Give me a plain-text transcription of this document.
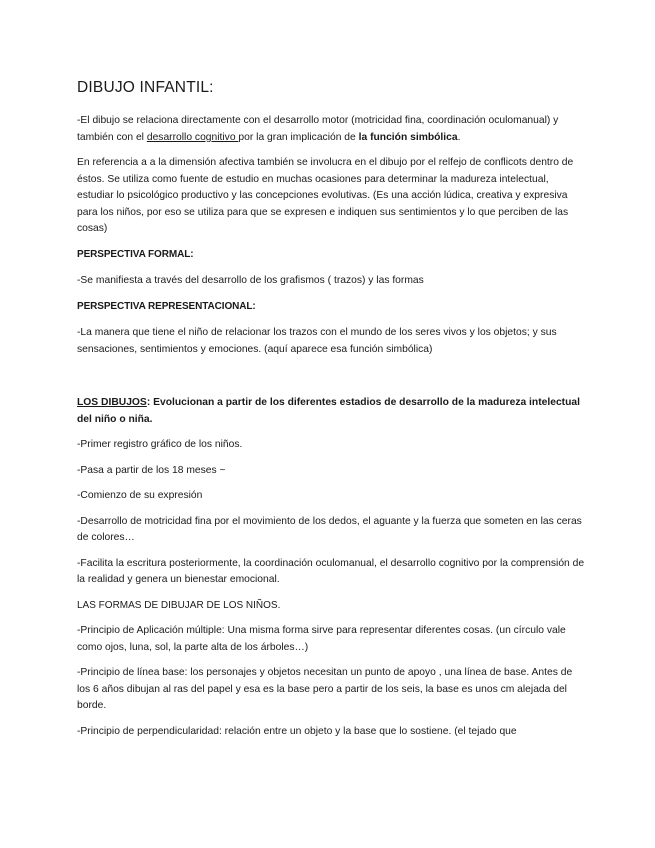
DIBUJO INFANTIL:

-El dibujo se relaciona directamente con el desarrollo motor (motricidad fina, coordinación oculomanual) y también con el desarrollo cognitivo por la gran implicación de la función simbólica.

En referencia a a la dimensión afectiva también se involucra en el dibujo por el relfejo de conflicots dentro de éstos. Se utiliza como fuente de estudio en muchas ocasiones para determinar la madureza intelectual, estudiar lo psicológico productivo y las concepciones evolutivas. (Es una acción lúdica, creativa y expresiva para los niños, por eso se utiliza para que se expresen e indiquen sus sentimientos y lo que perciben de las cosas)

PERSPECTIVA FORMAL:

-Se manifiesta a través del desarrollo de los grafismos ( trazos) y las formas

PERSPECTIVA REPRESENTACIONAL:

-La manera que tiene el niño de relacionar los trazos con el mundo de los seres vivos y los objetos; y sus sensaciones, sentimientos y emociones. (aquí aparece esa función simbólica)

LOS DIBUJOS: Evolucionan a partir de los diferentes estadios de desarrollo de la madureza intelectual del niño o niña.

-Primer registro gráfico de los niños.

-Pasa a partir de los 18 meses ~

-Comienzo de su expresión

-Desarrollo de motricidad fina por el movimiento de los dedos, el aguante y la fuerza que someten en las ceras de colores…

-Facilita la escritura posteriormente, la coordinación oculomanual, el desarrollo cognitivo por la comprensión de la realidad y genera un bienestar emocional.

LAS FORMAS DE DIBUJAR DE LOS NIÑOS.

-Principio de Aplicación múltiple: Una misma forma sirve para representar diferentes cosas. (un círculo vale como ojos, luna, sol, la parte alta de los árboles…)

-Principio de línea base: los personajes y objetos necesitan un punto de apoyo , una línea de base. Antes de los 6 años dibujan al ras del papel y esa es la base pero a partir de los seis, la base es unos cm alejada del borde.

-Principio de perpendicularidad: relación entre un objeto y la base que lo sostiene. (el tejado que
